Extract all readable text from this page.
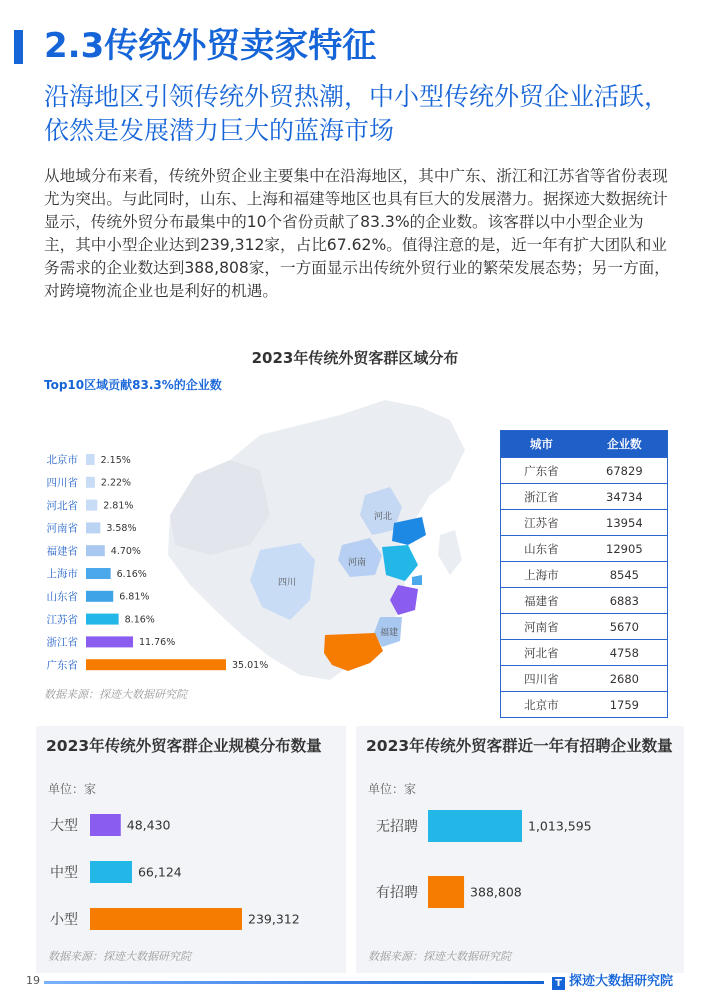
2.3传统外贸卖家特征
沿海地区引领传统外贸热潮，中小型传统外贸企业活跃，依然是发展潜力巨大的蓝海市场
从地域分布来看，传统外贸企业主要集中在沿海地区，其中广东、浙江和江苏省等省份表现尤为突出。与此同时，山东、上海和福建等地区也具有巨大的发展潜力。据探迹大数据统计显示，传统外贸分布最集中的10个省份贡献了83.3%的企业数。该客群以中小型企业为主，其中小型企业达到239,312家，占比67.62%。值得注意的是，近一年有扩大团队和业务需求的企业数达到388,808家，一方面显示出传统外贸行业的繁荣发展态势；另一方面，对跨境物流企业也是利好的机遇。
2023年传统外贸客群区域分布
Top10区域贡献83.3%的企业数
河北
河南
四川
福建
北京市 2.15%
四川省 2.22%
河北省	2.81%
河南省	3.58%
福建省	4.70%
上海市	6.16%
山东省	6.81%
江苏省	8.16%
浙江省	11.76%
广东省	35.01%
数据来源：探迹大数据研究院
城市	企业数
广东省	67829
浙江省	34734
江苏省	13954
山东省	12905
上海市	8545
福建省	6883
河南省	5670
河北省	4758
四川省	2680
北京市	1759
2023年传统外贸客群企业规模分布数量
单位：家
大型	48,430
中型	66,124
小型	239,312
数据来源：探迹大数据研究院
2023年传统外贸客群近一年有招聘企业数量
单位：家
无招聘	1,013,595
有招聘	388,808
数据来源：探迹大数据研究院
19	T 探迹大数据研究院
